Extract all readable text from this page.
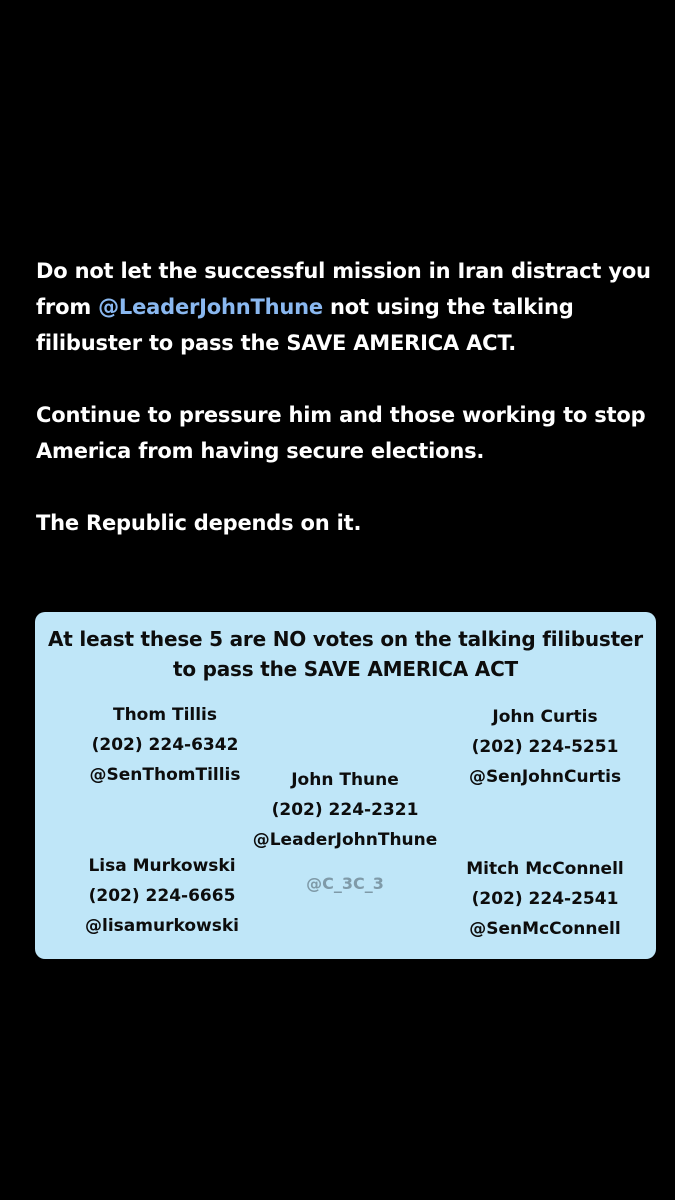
Do not let the successful mission in Iran distract you from @LeaderJohnThune not using the talking filibuster to pass the SAVE AMERICA ACT.

Continue to pressure him and those working to stop America from having secure elections.

The Republic depends on it.

At least these 5 are NO votes on the talking filibuster
to pass the SAVE AMERICA ACT
Thom Tillis
(202) 224-6342
@SenThomTillis
John Curtis
(202) 224-5251
@SenJohnCurtis
John Thune
(202) 224-2321
@LeaderJohnThune
Lisa Murkowski
(202) 224-6665
@lisamurkowski
Mitch McConnell
(202) 224-2541
@SenMcConnell
@C_3C_3
